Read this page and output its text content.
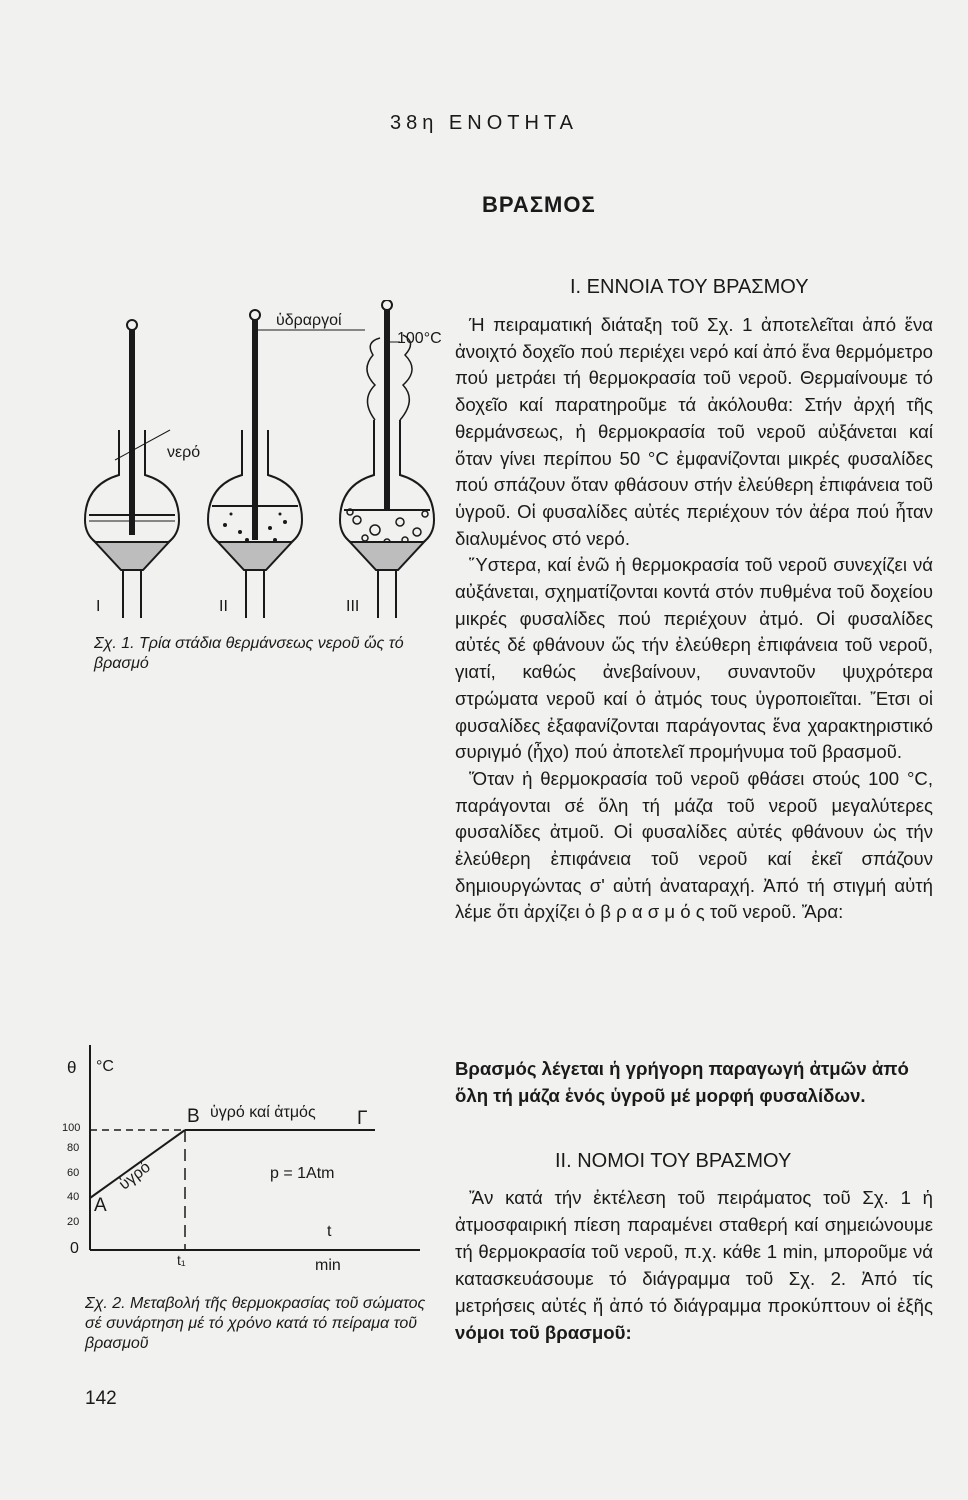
38η ΕΝΟΤΗΤΑ
ΒΡΑΣΜΟΣ
I. ΕΝΝΟΙΑ ΤΟΥ ΒΡΑΣΜΟΥ

Ή πειραματική διάταξη τοῦ Σχ. 1 ἀποτελεῖται ἀπό ἕνα ἀνοιχτό δοχεῖο πού περιέχει νερό καί ἀπό ἕνα θερμόμετρο πού μετράει τή θερμοκρασία τοῦ νεροῦ. Θερμαίνουμε τό δοχεῖο καί παρατηροῦμε τά ἀκόλουθα: Στήν ἀρχή τῆς θερμάνσεως, ἡ θερμοκρασία τοῦ νεροῦ αὐξάνεται καί ὅταν γίνει περίπου 50 °C ἐμφανίζονται μικρές φυσαλίδες πού σπάζουν ὅταν φθάσουν στήν ἐλεύθερη ἐπιφάνεια τοῦ ὑγροῦ. Οἱ φυσαλίδες αὐτές περιέχουν τόν ἀέρα πού ἦταν διαλυμένος στό νερό.

Ὕστερα, καί ἐνῶ ἡ θερμοκρασία τοῦ νεροῦ συνεχίζει νά αὐξάνεται, σχηματίζονται κοντά στόν πυθμένα τοῦ δοχείου μικρές φυσαλίδες πού περιέχουν ἀτμό. Οἱ φυσαλίδες αὐτές δέ φθάνουν ὥς τήν ἐλεύθερη ἐπιφάνεια τοῦ νεροῦ, γιατί, καθώς ἀνεβαίνουν, συναντοῦν ψυχρότερα στρώματα νεροῦ καί ὁ ἀτμός τους ὑγροποιεῖται. Ἔτσι οἱ φυσαλίδες ἐξαφανίζονται παράγοντας ἕνα χαρακτηριστικό συριγμό (ἦχο) πού ἀποτελεῖ προμήνυμα τοῦ βρασμοῦ.

Ὅταν ἡ θερμοκρασία τοῦ νεροῦ φθάσει στούς 100 °C, παράγονται σέ ὅλη τή μάζα τοῦ νεροῦ μεγαλύτερες φυσαλίδες ἀτμοῦ. Οἱ φυσαλίδες αὐτές φθάνουν ὡς τήν ἐλεύθερη ἐπιφάνεια τοῦ νεροῦ καί ἐκεῖ σπάζουν δημιουργώντας σ' αὐτή ἀναταραχή. Ἀπό τή στιγμή αὐτή λέμε ὅτι ἀρχίζει ὁ β ρ α σ μ ό ς τοῦ νεροῦ. Ἄρα:

Βρασμός λέγεται ἡ γρήγορη παραγωγή ἀτμῶν ἀπό ὅλη τή μάζα ἑνός ὑγροῦ μέ μορφή φυσαλίδων.
II. ΝΟΜΟΙ ΤΟΥ ΒΡΑΣΜΟΥ

Ἄν κατά τήν ἐκτέλεση τοῦ πειράματος τοῦ Σχ. 1 ἡ ἀτμοσφαιρική πίεση παραμένει σταθερή καί σημειώνουμε τή θερμοκρασία τοῦ νεροῦ, π.χ. κάθε 1 min, μποροῦμε νά κατασκευάσουμε τό διάγραμμα τοῦ Σχ. 2. Ἀπό τίς μετρήσεις αὐτές ἤ ἀπό τό διάγραμμα προκύπτουν οἱ ἑξῆς νόμοι τοῦ βρασμοῦ:

ὑδραργοί
100°C
νερό
I	II	III
Σχ. 1. Τρία στάδια θερμάνσεως νεροῦ ὥς τό βρασμό
θ °C
100
80
60
40
20
0
A
B	Γ
ὑγρό
ὑγρό καί ἀτμός
p = 1Atm
t
t₁	min
Σχ. 2. Μεταβολή τῆς θερμοκρασίας τοῦ σώματος σέ συνάρτηση μέ τό χρόνο κατά τό πείραμα τοῦ βρασμοῦ
142
